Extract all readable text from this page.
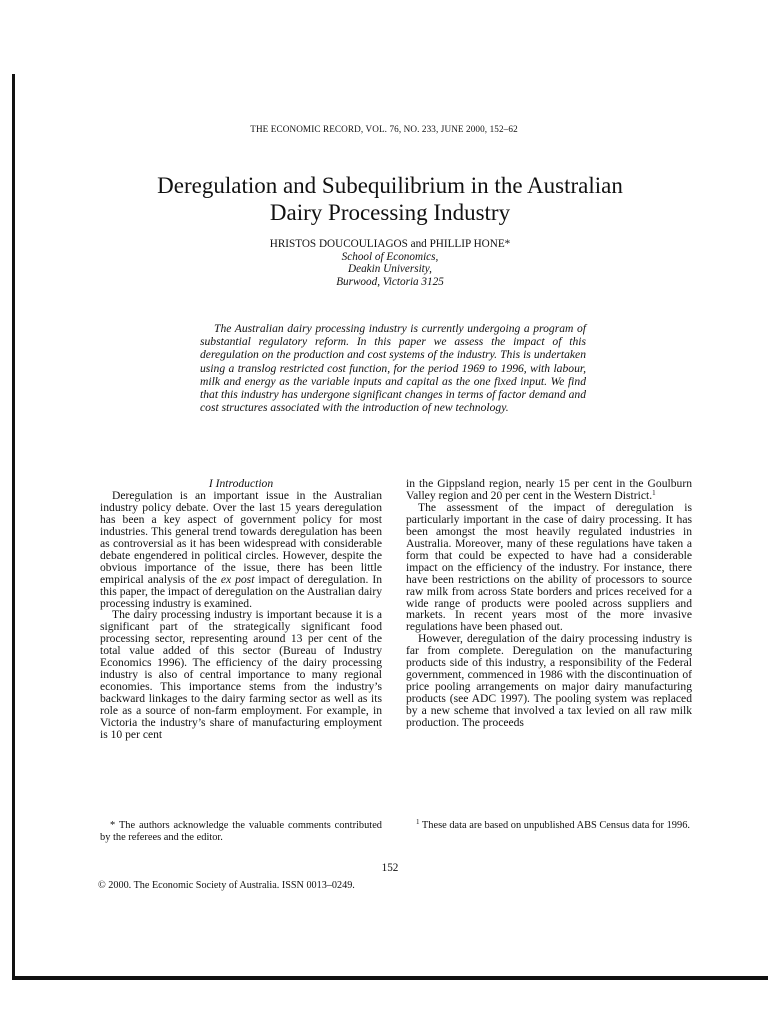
THE ECONOMIC RECORD, VOL. 76, NO. 233, JUNE 2000, 152–62
Deregulation and Subequilibrium in the Australian
Dairy Processing Industry
HRISTOS DOUCOULIAGOS and PHILLIP HONE*
School of Economics,
Deakin University,
Burwood, Victoria 3125

The Australian dairy processing industry is currently undergoing a program of substantial regulatory reform. In this paper we assess the impact of this deregulation on the production and cost systems of the industry. This is undertaken using a translog restricted cost function, for the period 1969 to 1996, with labour, milk and energy as the variable inputs and capital as the one fixed input. We find that this industry has undergone significant changes in terms of factor demand and cost structures associated with the introduction of new technology.

I Introduction

Deregulation is an important issue in the Australian industry policy debate. Over the last 15 years deregulation has been a key aspect of government policy for most industries. This general trend towards deregulation has been as controversial as it has been widespread with considerable debate engendered in political circles. However, despite the obvious importance of the issue, there has been little empirical analysis of the ex post impact of deregulation. In this paper, the impact of deregulation on the Australian dairy processing industry is examined.

The dairy processing industry is important because it is a significant part of the strategically significant food processing sector, representing around 13 per cent of the total value added of this sector (Bureau of Industry Economics 1996). The efficiency of the dairy processing industry is also of central importance to many regional economies. This importance stems from the industry’s backward linkages to the dairy farming sector as well as its role as a source of non-farm employment. For example, in Victoria the industry’s share of manufacturing employment is 10 per cent

in the Gippsland region, nearly 15 per cent in the Goulburn Valley region and 20 per cent in the Western District.$^1$

The assessment of the impact of deregulation is particularly important in the case of dairy processing. It has been amongst the most heavily regulated industries in Australia. Moreover, many of these regulations have taken a form that could be expected to have had a considerable impact on the efficiency of the industry. For instance, there have been restrictions on the ability of processors to source raw milk from across State borders and prices received for a wide range of products were pooled across suppliers and markets. In recent years most of the more invasive regulations have been phased out.

However, deregulation of the dairy processing industry is far from complete. Deregulation on the manufacturing products side of this industry, a responsibility of the Federal government, commenced in 1986 with the discontinuation of price pooling arrangements on major dairy manufacturing products (see ADC 1997). The pooling system was replaced by a new scheme that involved a tax levied on all raw milk production. The proceeds

* The authors acknowledge the valuable comments contributed by the referees and the editor.

$^1$ These data are based on unpublished ABS Census data for 1996.

152
© 2000. The Economic Society of Australia. ISSN 0013–0249.
